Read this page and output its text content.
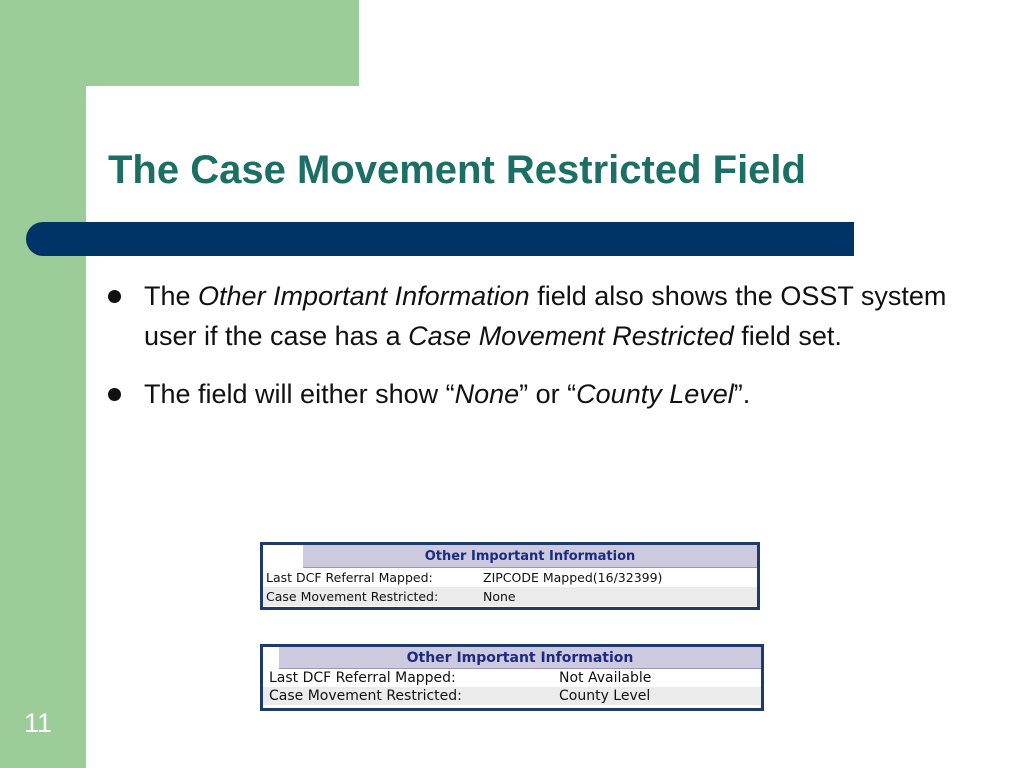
The Case Movement Restricted Field
The Other Important Information field also shows the OSST system user if the case has a Case Movement Restricted field set.
The field will either show “None” or “County Level”.
Other Important Information
Last DCF Referral Mapped:	ZIPCODE Mapped(16/32399)
Case Movement Restricted:	None
Other Important Information
Last DCF Referral Mapped:	Not Available
Case Movement Restricted:	County Level
11
